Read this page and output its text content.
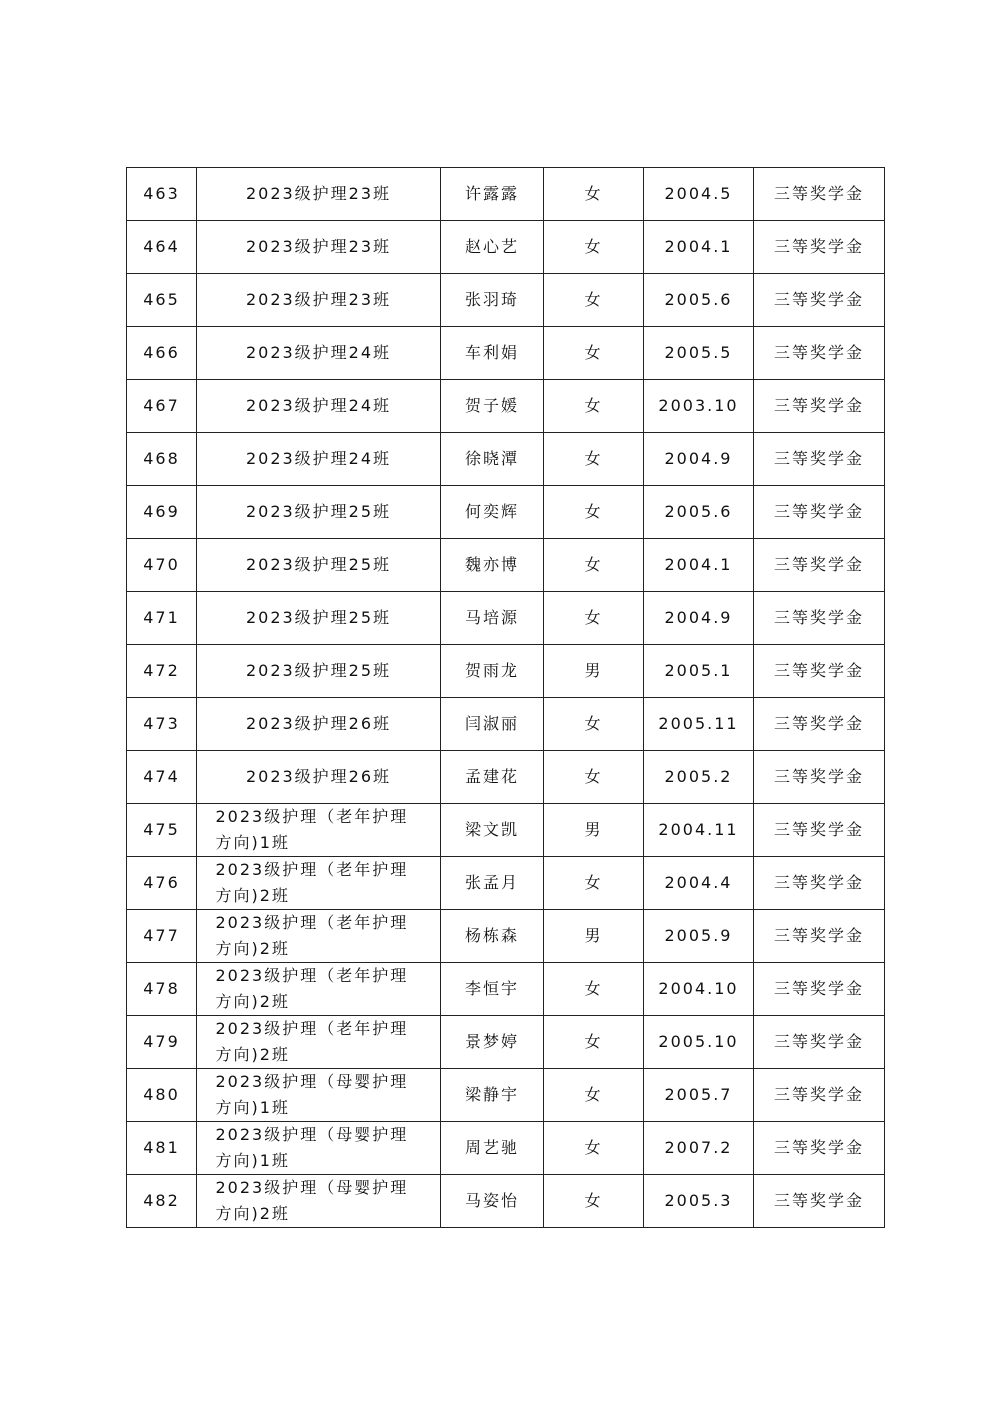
463	2023级护理23班	许露露	女	2004.5	三等奖学金
464	2023级护理23班	赵心艺	女	2004.1	三等奖学金
465	2023级护理23班	张羽琦	女	2005.6	三等奖学金
466	2023级护理24班	车利娟	女	2005.5	三等奖学金
467	2023级护理24班	贺子媛	女	2003.10	三等奖学金
468	2023级护理24班	徐晓潭	女	2004.9	三等奖学金
469	2023级护理25班	何奕辉	女	2005.6	三等奖学金
470	2023级护理25班	魏亦博	女	2004.1	三等奖学金
471	2023级护理25班	马培源	女	2004.9	三等奖学金
472	2023级护理25班	贺雨龙	男	2005.1	三等奖学金
473	2023级护理26班	闫淑丽	女	2005.11	三等奖学金
474	2023级护理26班	孟建花	女	2005.2	三等奖学金
475	2023级护理（老年护理方向)1班	梁文凯	男	2004.11	三等奖学金
476	2023级护理（老年护理方向)2班	张孟月	女	2004.4	三等奖学金
477	2023级护理（老年护理方向)2班	杨栋森	男	2005.9	三等奖学金
478	2023级护理（老年护理方向)2班	李恒宇	女	2004.10	三等奖学金
479	2023级护理（老年护理方向)2班	景梦婷	女	2005.10	三等奖学金
480	2023级护理（母婴护理方向)1班	梁静宇	女	2005.7	三等奖学金
481	2023级护理（母婴护理方向)1班	周艺驰	女	2007.2	三等奖学金
482	2023级护理（母婴护理方向)2班	马姿怡	女	2005.3	三等奖学金
